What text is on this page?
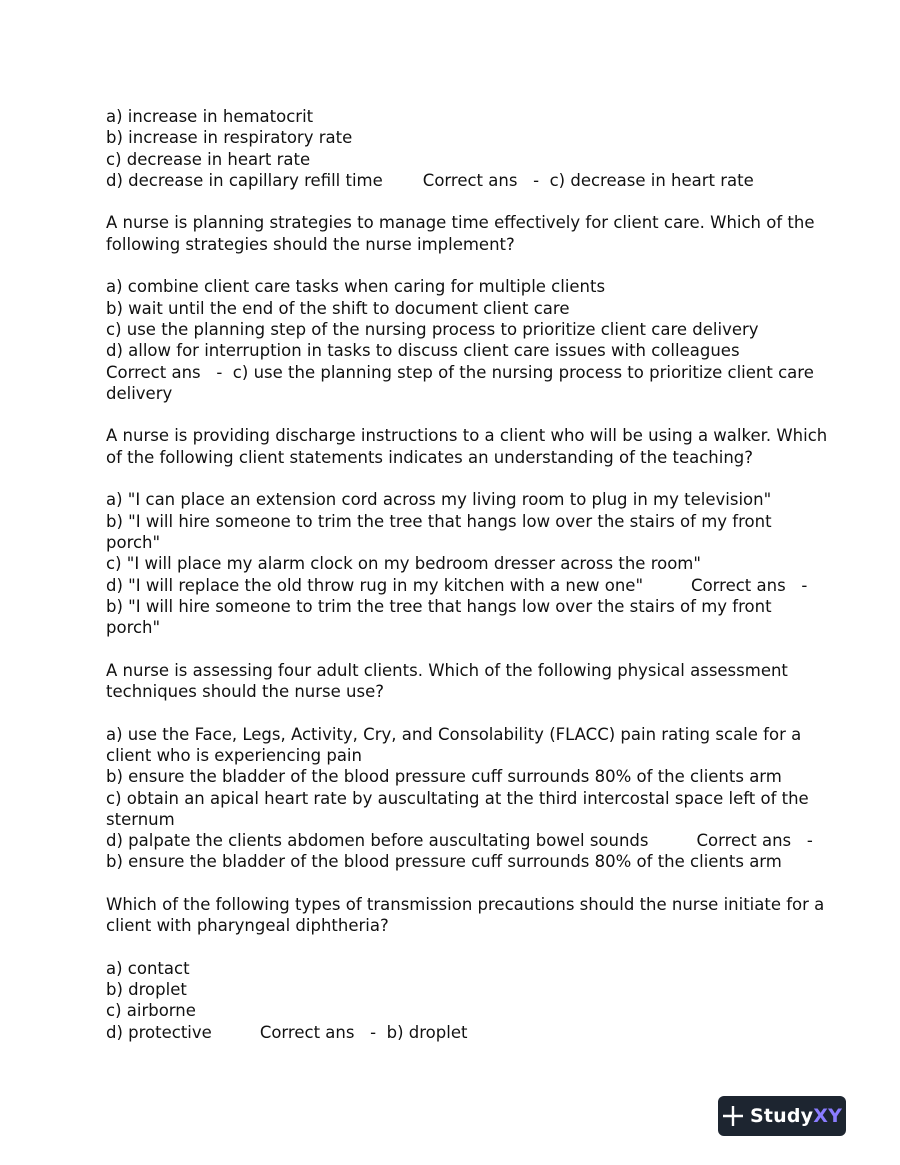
a) increase in hematocrit
b) increase in respiratory rate
c) decrease in heart rate
d) decrease in capillary refill time Correct ans   -  c) decrease in heart rate
A nurse is planning strategies to manage time effectively for client care. Which of the
following strategies should the nurse implement?
a) combine client care tasks when caring for multiple clients
b) wait until the end of the shift to document client care
c) use the planning step of the nursing process to prioritize client care delivery
d) allow for interruption in tasks to discuss client care issues with colleagues
Correct ans   -  c) use the planning step of the nursing process to prioritize client care
delivery
A nurse is providing discharge instructions to a client who will be using a walker. Which
of the following client statements indicates an understanding of the teaching?
a) "I can place an extension cord across my living room to plug in my television"
b) "I will hire someone to trim the tree that hangs low over the stairs of my front
porch"
c) "I will place my alarm clock on my bedroom dresser across the room"
d) "I will replace the old throw rug in my kitchen with a new one"	Correct ans   -
b) "I will hire someone to trim the tree that hangs low over the stairs of my front
porch"
A nurse is assessing four adult clients. Which of the following physical assessment
techniques should the nurse use?
a) use the Face, Legs, Activity, Cry, and Consolability (FLACC) pain rating scale for a
client who is experiencing pain
b) ensure the bladder of the blood pressure cuff surrounds 80% of the clients arm
c) obtain an apical heart rate by auscultating at the third intercostal space left of the
sternum
d) palpate the clients abdomen before auscultating bowel sounds	Correct ans   -
b) ensure the bladder of the blood pressure cuff surrounds 80% of the clients arm
Which of the following types of transmission precautions should the nurse initiate for a
client with pharyngeal diphtheria?
a) contact
b) droplet
c) airborne
d) protective	Correct ans   -  b) droplet
StudyXY
